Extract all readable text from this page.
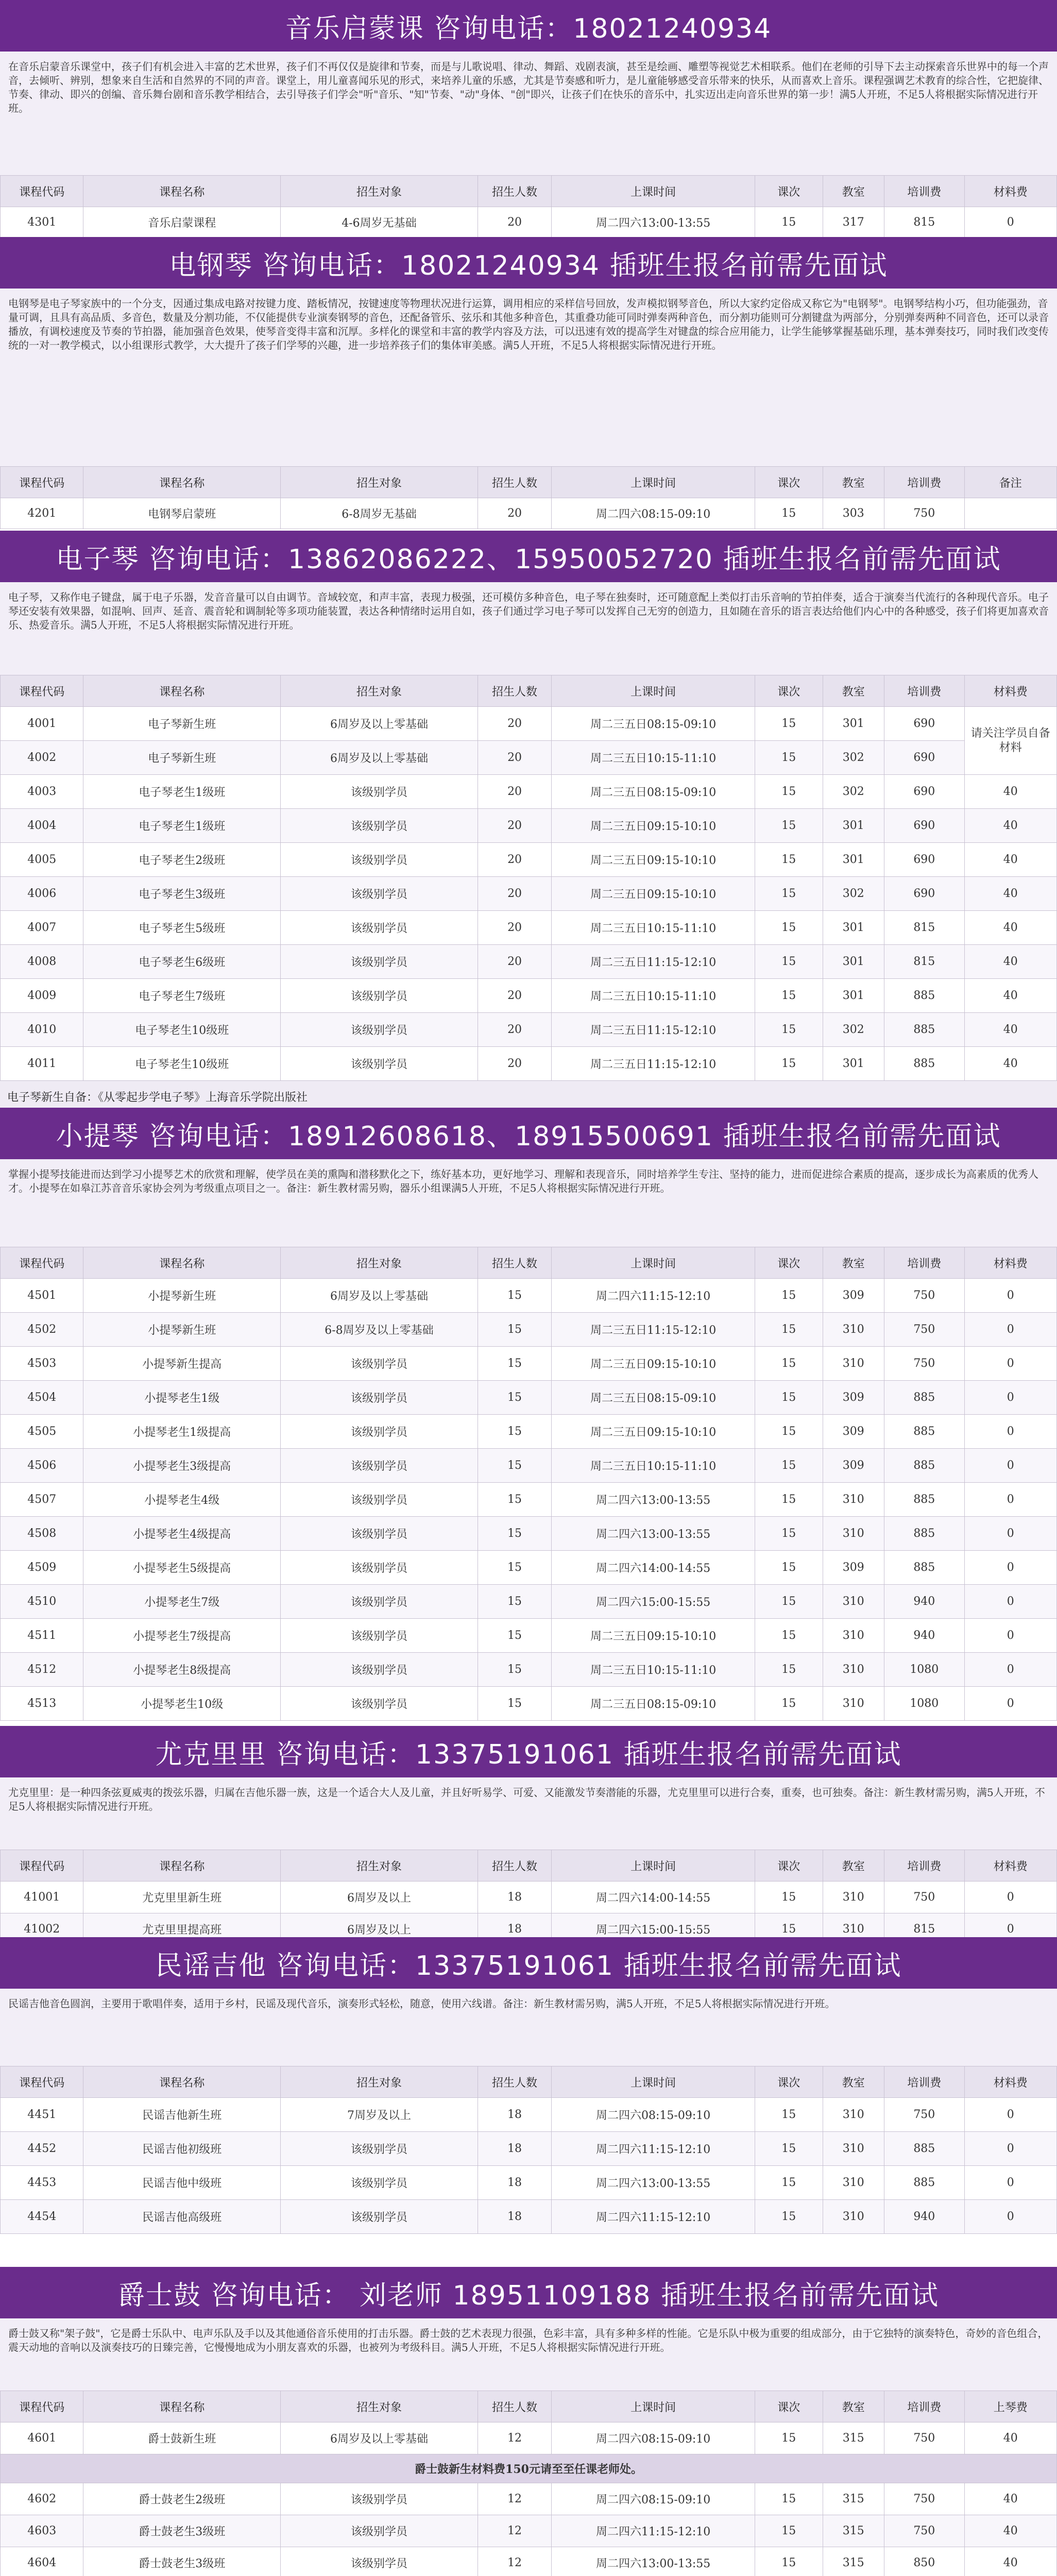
音乐启蒙课 咨询电话：18021240934

在音乐启蒙音乐课堂中，孩子们有机会进入丰富的艺术世界，孩子们不再仅仅是旋律和节奏，而是与儿歌说唱、律动、舞蹈、戏剧表演，甚至是绘画、雕塑等视觉艺术相联系。他们在老师的引导下去主动探索音乐世界中的每一个声音，去倾听、辨别，想象来自生活和自然界的不同的声音。课堂上，用儿童喜闻乐见的形式，来培养儿童的乐感，尤其是节奏感和听力，是儿童能够感受音乐带来的快乐，从而喜欢上音乐。课程强调艺术教育的综合性，它把旋律、节奏、律动、即兴的创编、音乐舞台剧和音乐教学相结合，去引导孩子们学会"听"音乐、"知"节奏、"动"身体、"创"即兴，让孩子们在快乐的音乐中，扎实迈出走向音乐世界的第一步！满5人开班，不足5人将根据实际情况进行开班。

课程代码	课程名称	招生对象	招生人数	上课时间	课次	教室	培训费	材料费
4301	音乐启蒙课程	4-6周岁无基础	20	周二四六13:00-13:55	15	317	815	0
电钢琴 咨询电话：18021240934 插班生报名前需先面试

电钢琴是电子琴家族中的一个分支，因通过集成电路对按键力度、踏板情况，按键速度等物理状况进行运算，调用相应的采样信号回放，发声模拟钢琴音色，所以大家约定俗成又称它为"电钢琴"。电钢琴结构小巧，但功能强劲，音量可调，且具有高品质、多音色，数量及分割功能，不仅能提供专业演奏钢琴的音色，还配备管乐、弦乐和其他多种音色，其重叠功能可同时弹奏两种音色，而分割功能则可分割键盘为两部分，分别弹奏两种不同音色，还可以录音播放，有调校速度及节奏的节拍器，能加强音色效果，使琴音变得丰富和沉厚。多样化的课堂和丰富的教学内容及方法，可以迅速有效的提高学生对键盘的综合应用能力，让学生能够掌握基础乐理，基本弹奏技巧，同时我们改变传统的一对一教学模式，以小组课形式教学，大大提升了孩子们学琴的兴趣，进一步培养孩子们的集体审美感。满5人开班，不足5人将根据实际情况进行开班。

课程代码	课程名称	招生对象	招生人数	上课时间	课次	教室	培训费	备注
4201	电钢琴启蒙班	6-8周岁无基础	20	周二四六08:15-09:10	15	303	750	
电子琴 咨询电话：13862086222、15950052720 插班生报名前需先面试

电子琴，又称作电子键盘，属于电子乐器，发音音量可以自由调节。音域较宽，和声丰富，表现力极强，还可模仿多种音色，电子琴在独奏时，还可随意配上类似打击乐音响的节拍伴奏，适合于演奏当代流行的各种现代音乐。电子琴还安装有效果器，如混响、回声、延音、震音轮和调制轮等多项功能装置，表达各种情绪时运用自如，孩子们通过学习电子琴可以发挥自己无穷的创造力，且如随在音乐的语言表达给他们内心中的各种感受，孩子们将更加喜欢音乐、热爱音乐。满5人开班，不足5人将根据实际情况进行开班。

课程代码	课程名称	招生对象	招生人数	上课时间	课次	教室	培训费	材料费
4001	电子琴新生班	6周岁及以上零基础	20	周二三五日08:15-09:10	15	301	690	请关注学员自备材料
4002	电子琴新生班	6周岁及以上零基础	20	周二三五日10:15-11:10	15	302	690	
4003	电子琴老生1级班	该级别学员	20	周二三五日08:15-09:10	15	302	690	40
4004	电子琴老生1级班	该级别学员	20	周二三五日09:15-10:10	15	301	690	40
4005	电子琴老生2级班	该级别学员	20	周二三五日09:15-10:10	15	301	690	40
4006	电子琴老生3级班	该级别学员	20	周二三五日09:15-10:10	15	302	690	40
4007	电子琴老生5级班	该级别学员	20	周二三五日10:15-11:10	15	301	815	40
4008	电子琴老生6级班	该级别学员	20	周二三五日11:15-12:10	15	301	815	40
4009	电子琴老生7级班	该级别学员	20	周二三五日10:15-11:10	15	301	885	40
4010	电子琴老生10级班	该级别学员	20	周二三五日11:15-12:10	15	302	885	40
4011	电子琴老生10级班	该级别学员	20	周二三五日11:15-12:10	15	301	885	40
电子琴新生自备：《从零起步学电子琴》上海音乐学院出版社
小提琴 咨询电话：18912608618、18915500691 插班生报名前需先面试

掌握小提琴技能进而达到学习小提琴艺术的欣赏和理解，使学员在美的熏陶和潜移默化之下，练好基本功，更好地学习、理解和表现音乐，同时培养学生专注、坚持的能力，进而促进综合素质的提高，逐步成长为高素质的优秀人才。小提琴在如皋江苏音音乐家协会列为考级重点项目之一。备注：新生教材需另购，器乐小组课满5人开班，不足5人将根据实际情况进行开班。

课程代码	课程名称	招生对象	招生人数	上课时间	课次	教室	培训费	材料费
4501	小提琴新生班	6周岁及以上零基础	15	周二四六11:15-12:10	15	309	750	0
4502	小提琴新生班	6-8周岁及以上零基础	15	周二三五日11:15-12:10	15	310	750	0
4503	小提琴新生提高	该级别学员	15	周二三五日09:15-10:10	15	310	750	0
4504	小提琴老生1级	该级别学员	15	周二三五日08:15-09:10	15	309	885	0
4505	小提琴老生1级提高	该级别学员	15	周二三五日09:15-10:10	15	309	885	0
4506	小提琴老生3级提高	该级别学员	15	周二三五日10:15-11:10	15	309	885	0
4507	小提琴老生4级	该级别学员	15	周二四六13:00-13:55	15	310	885	0
4508	小提琴老生4级提高	该级别学员	15	周二四六13:00-13:55	15	310	885	0
4509	小提琴老生5级提高	该级别学员	15	周二四六14:00-14:55	15	309	885	0
4510	小提琴老生7级	该级别学员	15	周二四六15:00-15:55	15	310	940	0
4511	小提琴老生7级提高	该级别学员	15	周二三五日09:15-10:10	15	310	940	0
4512	小提琴老生8级提高	该级别学员	15	周二三五日10:15-11:10	15	310	1080	0
4513	小提琴老生10级	该级别学员	15	周二三五日08:15-09:10	15	310	1080	0
尤克里里 咨询电话：13375191061 插班生报名前需先面试

尤克里里：是一种四条弦夏威夷的拨弦乐器，归属在吉他乐器一族，这是一个适合大人及儿童，并且好听易学、可爱、又能激发节奏潜能的乐器，尤克里里可以进行合奏，重奏，也可独奏。备注：新生教材需另购，满5人开班，不足5人将根据实际情况进行开班。

课程代码	课程名称	招生对象	招生人数	上课时间	课次	教室	培训费	材料费
41001	尤克里里新生班	6周岁及以上	18	周二四六14:00-14:55	15	310	750	0
41002	尤克里里提高班	6周岁及以上	18	周二四六15:00-15:55	15	310	815	0
民谣吉他 咨询电话：13375191061 插班生报名前需先面试

民谣吉他音色圆润，主要用于歌唱伴奏，适用于乡村，民谣及现代音乐，演奏形式轻松，随意，使用六线谱。备注：新生教材需另购，满5人开班，不足5人将根据实际情况进行开班。

课程代码	课程名称	招生对象	招生人数	上课时间	课次	教室	培训费	材料费
4451	民谣吉他新生班	7周岁及以上	18	周二四六08:15-09:10	15	310	750	0
4452	民谣吉他初级班	该级别学员	18	周二四六11:15-12:10	15	310	885	0
4453	民谣吉他中级班	该级别学员	18	周二四六13:00-13:55	15	310	885	0
4454	民谣吉他高级班	该级别学员	18	周二四六11:15-12:10	15	310	940	0
爵士鼓 咨询电话： 刘老师 18951109188 插班生报名前需先面试

爵士鼓又称"架子鼓"，它是爵士乐队中、电声乐队及手以及其他通俗音乐使用的打击乐器。爵士鼓的艺术表现力很强，色彩丰富，具有多种多样的性能。它是乐队中极为重要的组成部分，由于它独特的演奏特色，奇妙的音色组合，震天动地的音响以及演奏技巧的日臻完善，它慢慢地成为小朋友喜欢的乐器，也被列为考级科目。满5人开班，不足5人将根据实际情况进行开班。

课程代码	课程名称	招生对象	招生人数	上课时间	课次	教室	培训费	上琴费
4601	爵士鼓新生班	6周岁及以上零基础	12	周二四六08:15-09:10	15	315	750	40
爵士鼓新生材料费150元请至至任课老师处。								
4602	爵士鼓老生2级班	该级别学员	12	周二四六08:15-09:10	15	315	750	40
4603	爵士鼓老生3级班	该级别学员	12	周二四六11:15-12:10	15	315	750	40
4604	爵士鼓老生3级班	该级别学员	12	周二四六13:00-13:55	15	315	850	40
